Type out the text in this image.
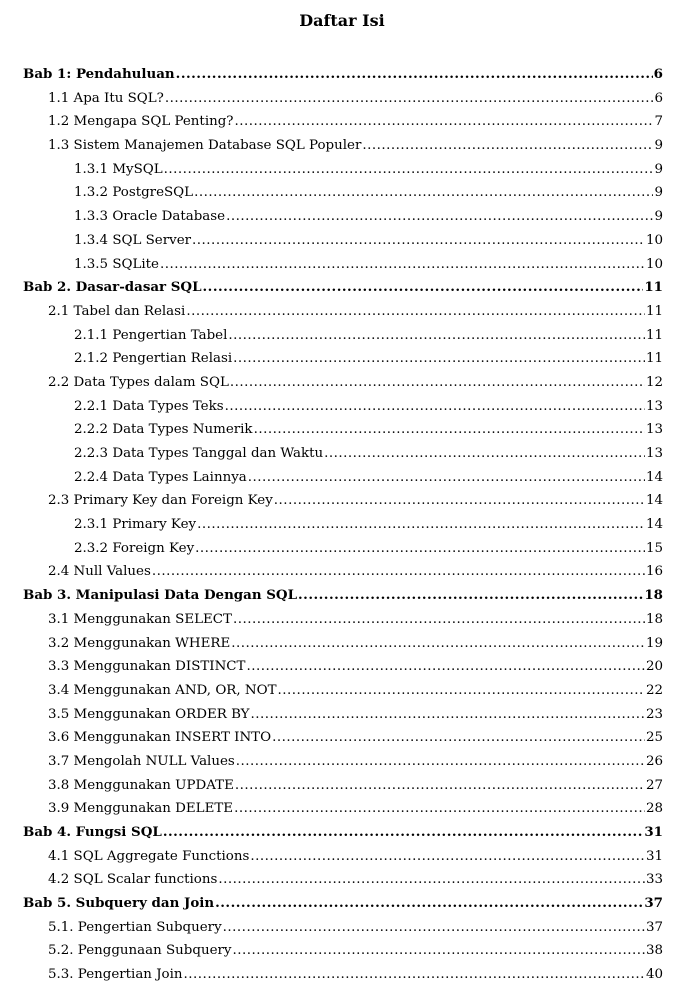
Daftar Isi
Bab 1: Pendahuluan .....	6
1.1 Apa Itu SQL? .....	6
1.2 Mengapa SQL Penting? .....	7
1.3 Sistem Manajemen Database SQL Populer .....	9
1.3.1 MySQL .....	9
1.3.2 PostgreSQL .....	9
1.3.3 Oracle Database .....	9
1.3.4 SQL Server .....	10
1.3.5 SQLite .....	10
Bab 2. Dasar-dasar SQL .....	11
2.1 Tabel dan Relasi .....	11
2.1.1 Pengertian Tabel .....	11
2.1.2 Pengertian Relasi .....	11
2.2 Data Types dalam SQL .....	12
2.2.1 Data Types Teks .....	13
2.2.2 Data Types Numerik .....	13
2.2.3 Data Types Tanggal dan Waktu .....	13
2.2.4 Data Types Lainnya .....	14
2.3 Primary Key dan Foreign Key .....	14
2.3.1 Primary Key .....	14
2.3.2 Foreign Key .....	15
2.4 Null Values .....	16
Bab 3. Manipulasi Data Dengan SQL .....	18
3.1 Menggunakan SELECT .....	18
3.2 Menggunakan WHERE .....	19
3.3 Menggunakan DISTINCT .....	20
3.4 Menggunakan AND, OR, NOT .....	22
3.5 Menggunakan ORDER BY .....	23
3.6 Menggunakan INSERT INTO .....	25
3.7 Mengolah NULL Values .....	26
3.8 Menggunakan UPDATE .....	27
3.9 Menggunakan DELETE .....	28
Bab 4. Fungsi SQL .....	31
4.1 SQL Aggregate Functions .....	31
4.2 SQL Scalar functions .....	33
Bab 5. Subquery dan Join .....	37
5.1. Pengertian Subquery .....	37
5.2. Penggunaan Subquery .....	38
5.3. Pengertian Join .....	40
